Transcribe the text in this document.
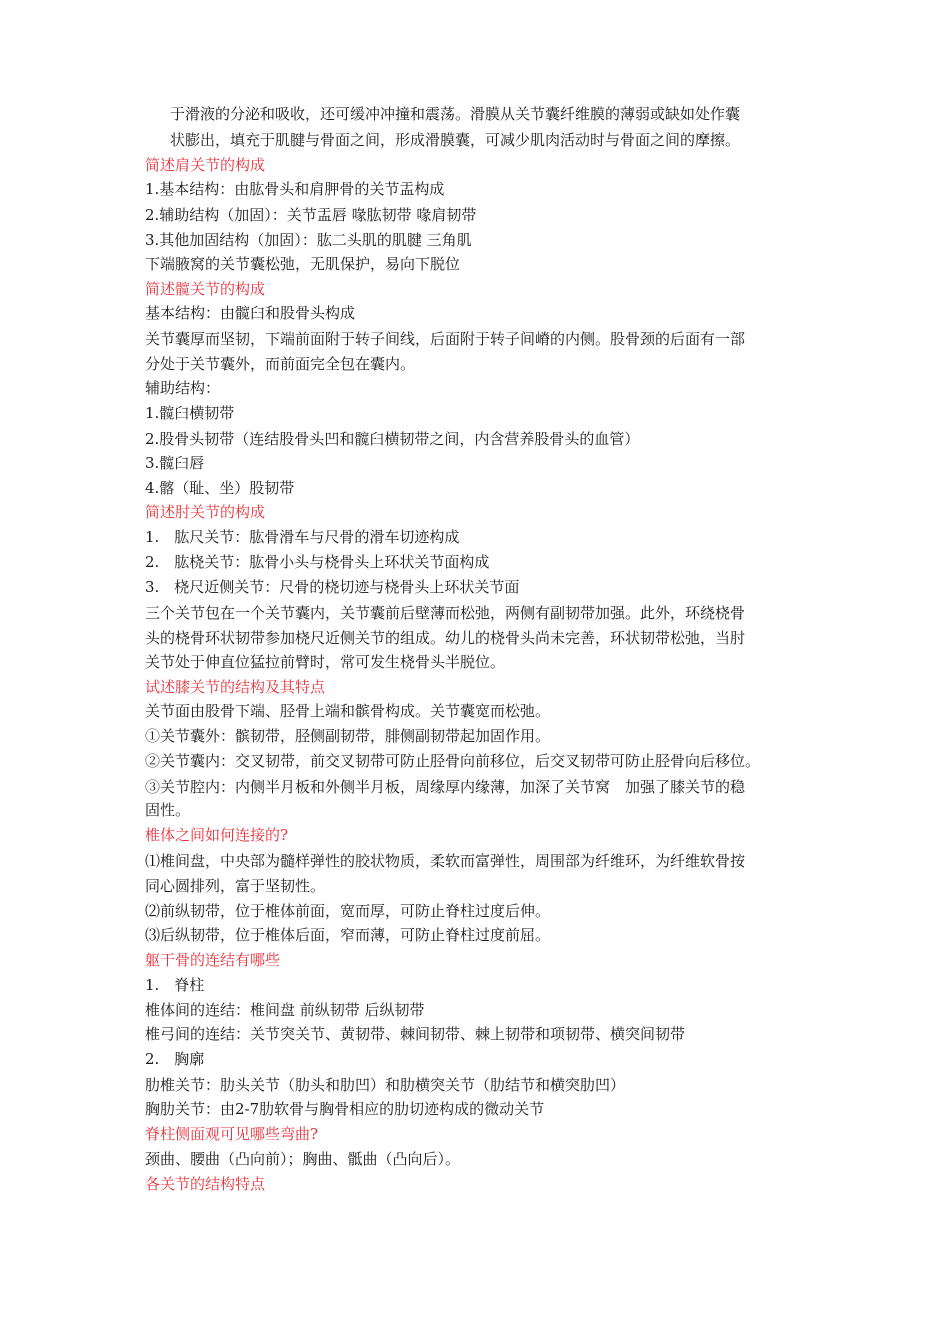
于滑液的分泌和吸收，还可缓冲冲撞和震荡。滑膜从关节囊纤维膜的薄弱或缺如处作囊
状膨出，填充于肌腱与骨面之间，形成滑膜囊，可减少肌肉活动时与骨面之间的摩擦。
简述肩关节的构成
1.基本结构：由肱骨头和肩胛骨的关节盂构成
2.辅助结构（加固）：关节盂唇 喙肱韧带 喙肩韧带
3.其他加固结构（加固）：肱二头肌的肌腱 三角肌
下端腋窝的关节囊松弛，无肌保护，易向下脱位
简述髋关节的构成
基本结构：由髋臼和股骨头构成
关节囊厚而坚韧，下端前面附于转子间线，后面附于转子间嵴的内侧。股骨颈的后面有一部
分处于关节囊外，而前面完全包在囊内。
辅助结构：
1.髋臼横韧带
2.股骨头韧带（连结股骨头凹和髋臼横韧带之间，内含营养股骨头的血管）
3.髋臼唇
4.髂（耻、坐）股韧带
简述肘关节的构成
1.　肱尺关节：肱骨滑车与尺骨的滑车切迹构成
2.　肱桡关节：肱骨小头与桡骨头上环状关节面构成
3.　桡尺近侧关节：尺骨的桡切迹与桡骨头上环状关节面
三个关节包在一个关节囊内，关节囊前后壁薄而松弛，两侧有副韧带加强。此外，环绕桡骨
头的桡骨环状韧带参加桡尺近侧关节的组成。幼儿的桡骨头尚未完善，环状韧带松弛，当肘
关节处于伸直位猛拉前臂时，常可发生桡骨头半脱位。
试述膝关节的结构及其特点
关节面由股骨下端、胫骨上端和髌骨构成。关节囊宽而松弛。
①关节囊外：髌韧带，胫侧副韧带，腓侧副韧带起加固作用。
②关节囊内：交叉韧带，前交叉韧带可防止胫骨向前移位，后交叉韧带可防止胫骨向后移位。
③关节腔内：内侧半月板和外侧半月板，周缘厚内缘薄，加深了关节窝　加强了膝关节的稳
固性。
椎体之间如何连接的?
⑴椎间盘，中央部为髓样弹性的胶状物质，柔软而富弹性，周围部为纤维环，为纤维软骨按
同心圆排列，富于坚韧性。
⑵前纵韧带，位于椎体前面，宽而厚，可防止脊柱过度后伸。
⑶后纵韧带，位于椎体后面，窄而薄，可防止脊柱过度前屈。
躯干骨的连结有哪些
1.　脊柱
椎体间的连结：椎间盘 前纵韧带 后纵韧带
椎弓间的连结：关节突关节、黄韧带、棘间韧带、棘上韧带和项韧带、横突间韧带
2.　胸廓
肋椎关节：肋头关节（肋头和肋凹）和肋横突关节（肋结节和横突肋凹）
胸肋关节：由2-7肋软骨与胸骨相应的肋切迹构成的微动关节
脊柱侧面观可见哪些弯曲?
颈曲、腰曲（凸向前）；胸曲、骶曲（凸向后）。
各关节的结构特点
